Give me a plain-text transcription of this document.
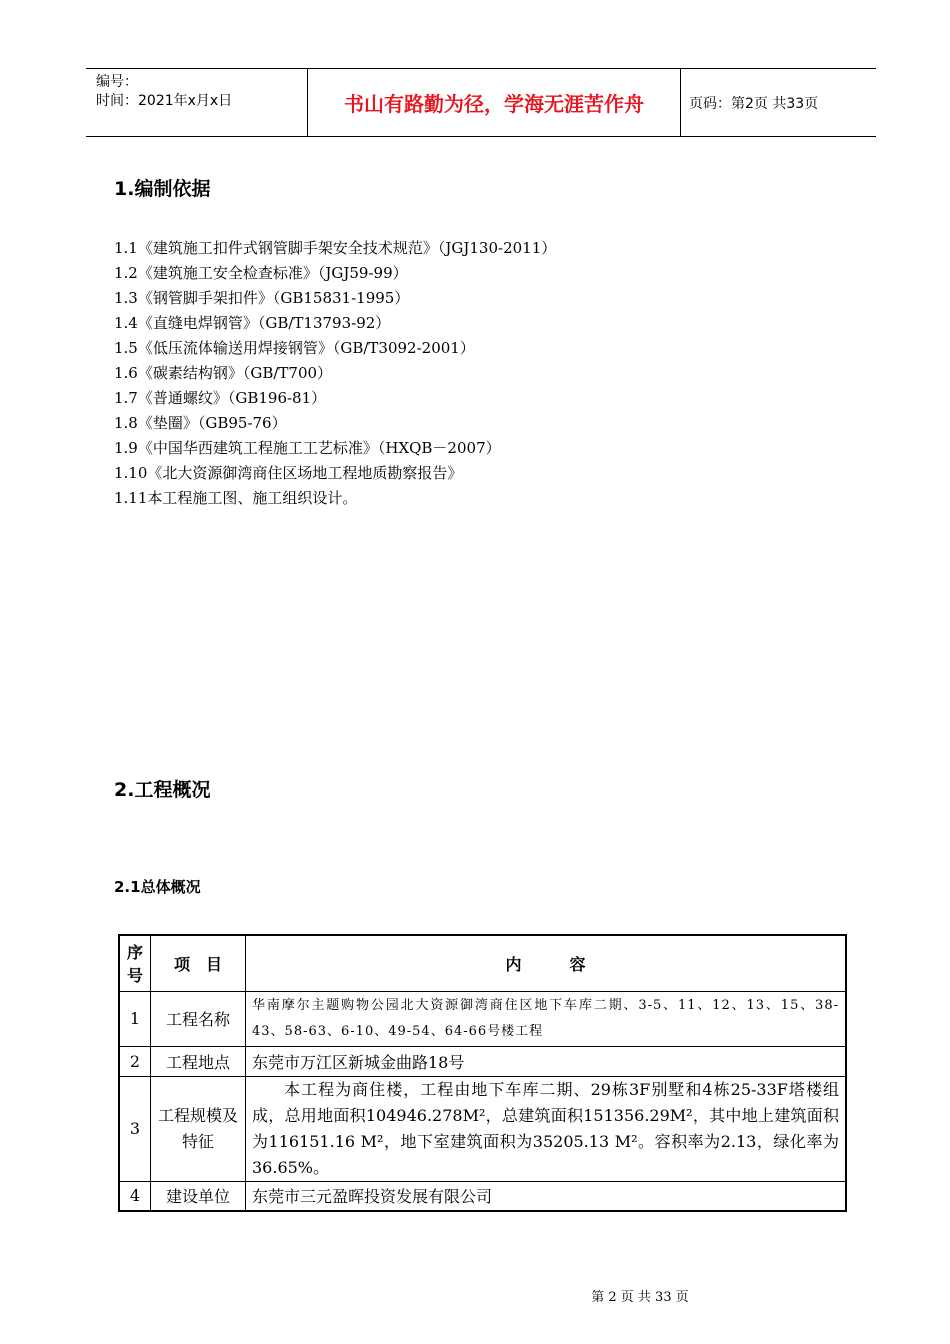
编号：
时间：2021年x月x日	书山有路勤为径，学海无涯苦作舟	页码：第2页 共33页
1.编制依据
1.1《建筑施工扣件式钢管脚手架安全技术规范》（JGJ130-2011）
1.2《建筑施工安全检查标准》（JGJ59-99）
1.3《钢管脚手架扣件》（GB15831-1995）
1.4《直缝电焊钢管》（GB/T13793-92）
1.5《低压流体输送用焊接钢管》（GB/T3092-2001）
1.6《碳素结构钢》（GB/T700）
1.7《普通螺纹》（GB196-81）
1.8《垫圈》（GB95-76）
1.9《中国华西建筑工程施工工艺标准》（HXQB－2007）
1.10《北大资源御湾商住区场地工程地质勘察报告》
1.11本工程施工图、施工组织设计。
2.工程概况
2.1总体概况
序号	项　目	内　　　容
1	工程名称	华南摩尔主题购物公园北大资源御湾商住区地下车库二期、3-5、11、12、13、15、38-43、58-63、6-10、49-54、64-66号楼工程
2	工程地点	东莞市万江区新城金曲路18号
3	工程规模及特征	本工程为商住楼，工程由地下车库二期、29栋3F别墅和4栋25-33F塔楼组成，总用地面积104946.278M²，总建筑面积151356.29M²，其中地上建筑面积为116151.16 M²，地下室建筑面积为35205.13 M²。容积率为2.13，绿化率为36.65%。
4	建设单位	东莞市三元盈晖投资发展有限公司
第 2 页 共 33 页
